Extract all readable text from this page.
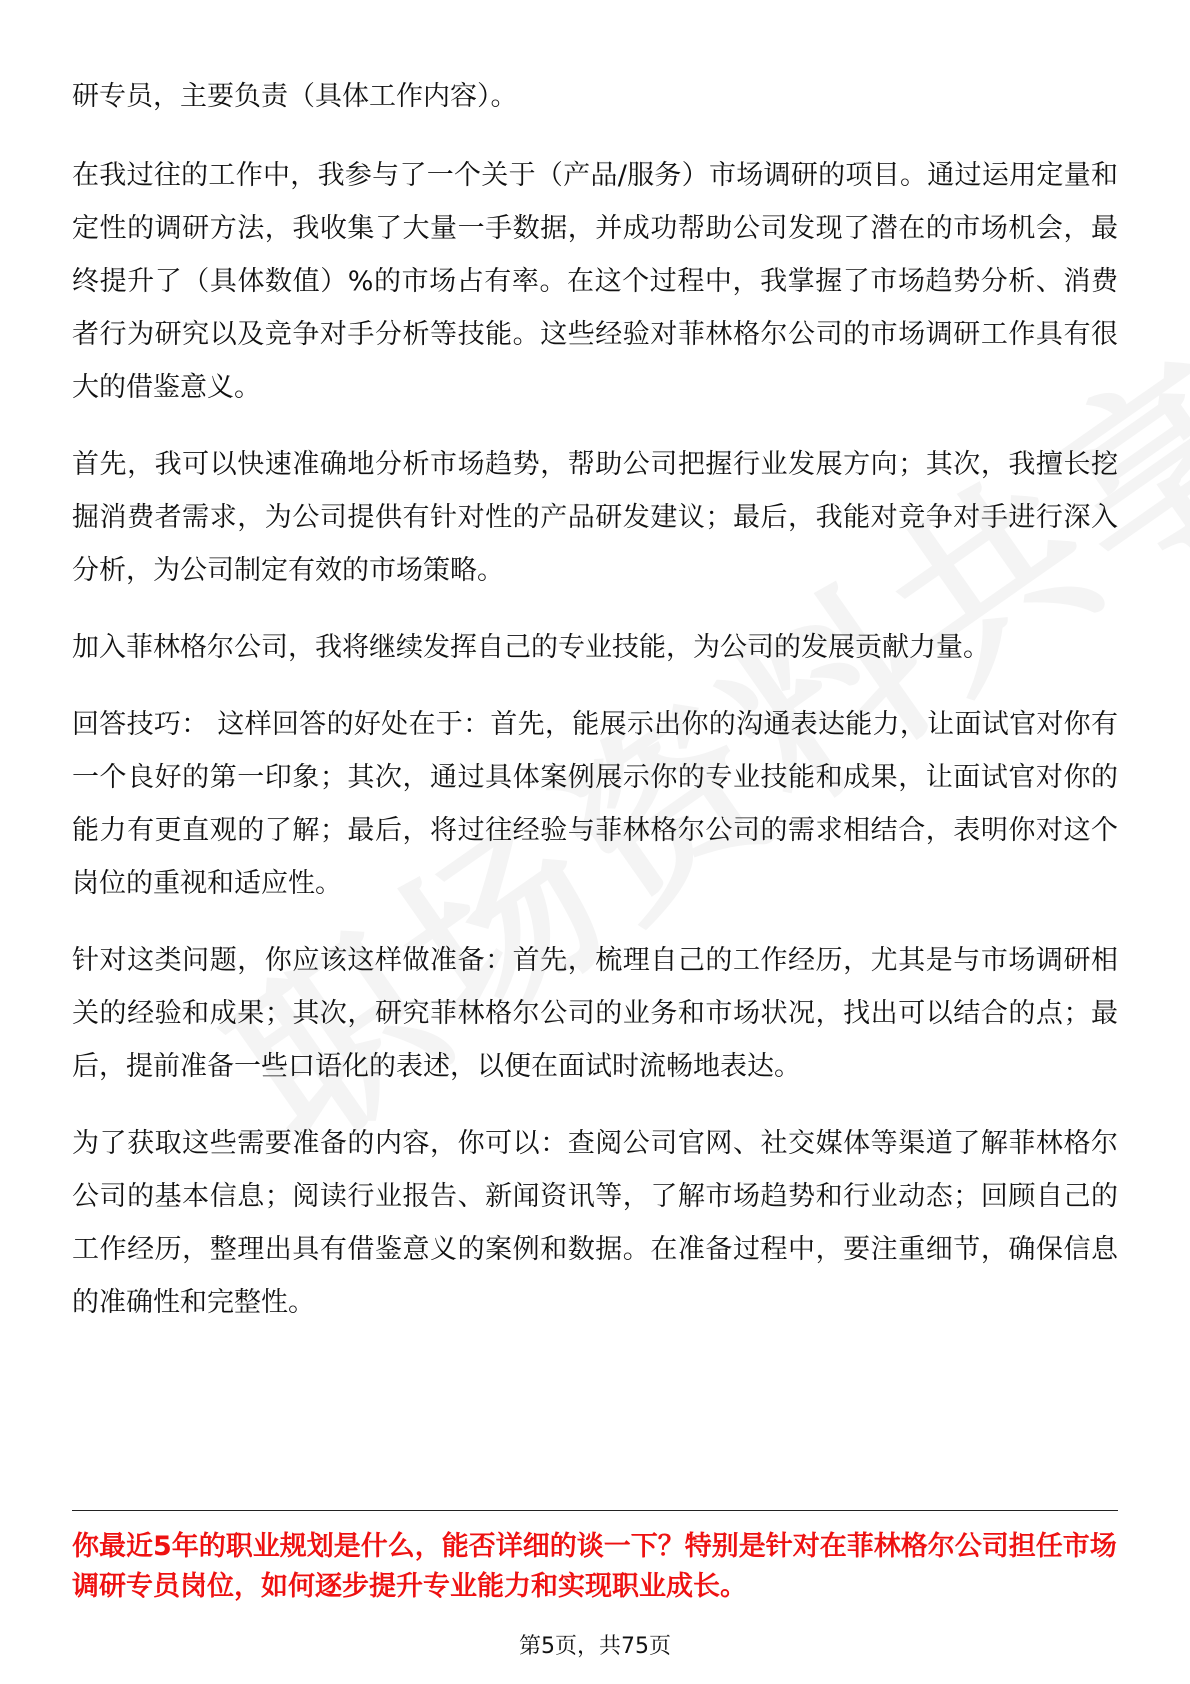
研专员，主要负责（具体工作内容）。

在我过往的工作中，我参与了一个关于（产品/服务）市场调研的项目。通过运用定量和定性的调研方法，我收集了大量一手数据，并成功帮助公司发现了潜在的市场机会，最终提升了（具体数值）%的市场占有率。在这个过程中，我掌握了市场趋势分析、消费者行为研究以及竞争对手分析等技能。这些经验对菲林格尔公司的市场调研工作具有很大的借鉴意义。

首先，我可以快速准确地分析市场趋势，帮助公司把握行业发展方向；其次，我擅长挖掘消费者需求，为公司提供有针对性的产品研发建议；最后，我能对竞争对手进行深入分析，为公司制定有效的市场策略。

加入菲林格尔公司，我将继续发挥自己的专业技能，为公司的发展贡献力量。

回答技巧： 这样回答的好处在于：首先，能展示出你的沟通表达能力，让面试官对你有一个良好的第一印象；其次，通过具体案例展示你的专业技能和成果，让面试官对你的能力有更直观的了解；最后，将过往经验与菲林格尔公司的需求相结合，表明你对这个岗位的重视和适应性。

针对这类问题，你应该这样做准备：首先，梳理自己的工作经历，尤其是与市场调研相关的经验和成果；其次，研究菲林格尔公司的业务和市场状况，找出可以结合的点；最后，提前准备一些口语化的表述，以便在面试时流畅地表达。

为了获取这些需要准备的内容，你可以：查阅公司官网、社交媒体等渠道了解菲林格尔公司的基本信息；阅读行业报告、新闻资讯等，了解市场趋势和行业动态；回顾自己的工作经历，整理出具有借鉴意义的案例和数据。在准备过程中，要注重细节，确保信息的准确性和完整性。

你最近5年的职业规划是什么，能否详细的谈一下？特别是针对在菲林格尔公司担任市场调研专员岗位，如何逐步提升专业能力和实现职业成长。

第5页，共75页
